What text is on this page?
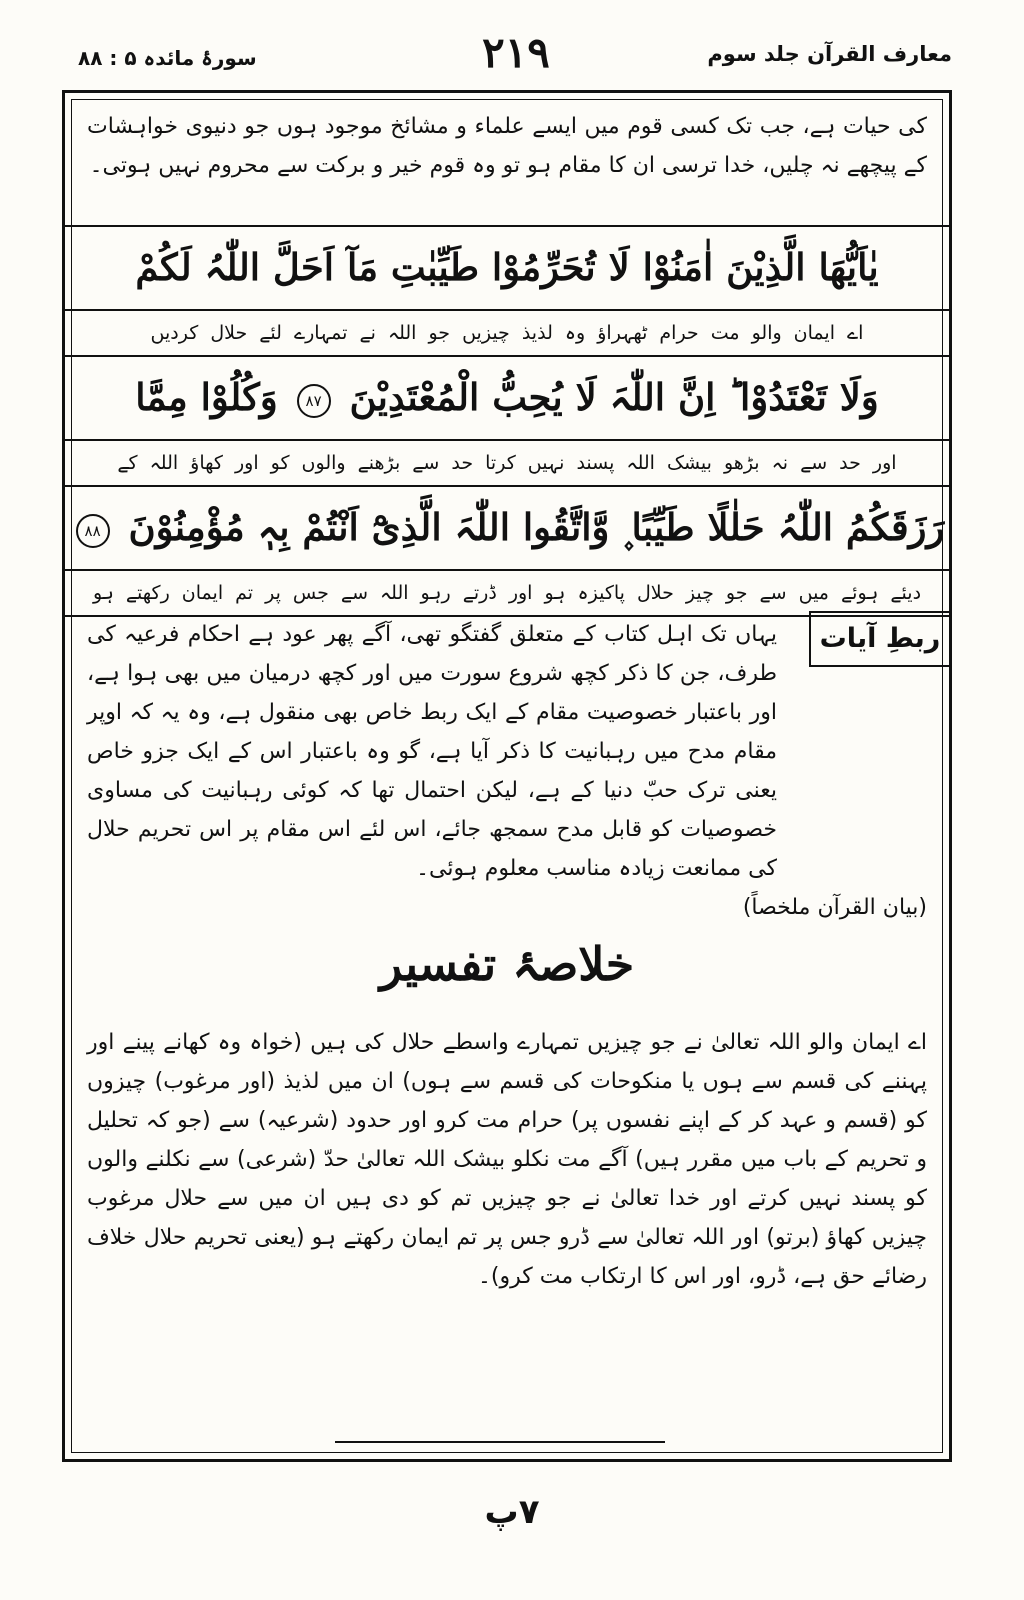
سورۂ مائدہ ۵ : ۸۸	۲۱۹	معارف القرآن جلد سوم
کی حیات ہے، جب تک کسی قوم میں ایسے علماء و مشائخ موجود ہوں جو دنیوی خواہشات کے پیچھے نہ چلیں، خدا ترسی ان کا مقام ہو تو وہ قوم خیر و برکت سے محروم نہیں ہوتی۔
یٰاَیُّھَا الَّذِیْنَ اٰمَنُوْا لَا تُحَرِّمُوْا طَیِّبٰتِ مَآ اَحَلَّ اللّٰہُ لَکُمْ
اے ایمان والو مت حرام ٹھہراؤ وہ لذیذ چیزیں جو اللہ نے تمہارے لئے حلال کردیں
وَلَا تَعْتَدُوْا ؕ اِنَّ اللّٰہَ لَا یُحِبُّ الْمُعْتَدِیْنَ ۸۷ وَکُلُوْا مِمَّا
اور حد سے نہ بڑھو بیشک اللہ پسند نہیں کرتا حد سے بڑھنے والوں کو اور کھاؤ اللہ کے
رَزَقَکُمُ اللّٰہُ حَلٰلًا طَیِّبًا ۪ وَّاتَّقُوا اللّٰہَ الَّذِیْٓ اَنْتُمْ بِہٖ مُؤْمِنُوْنَ ۸۸
دیئے ہوئے میں سے جو چیز حلال پاکیزہ ہو اور ڈرتے رہو اللہ سے جس پر تم ایمان رکھتے ہو
ربطِ آیات
یہاں تک اہل کتاب کے متعلق گفتگو تھی، آگے پھر عود ہے احکام فرعیہ کی طرف، جن کا ذکر کچھ شروع سورت میں اور کچھ درمیان میں بھی ہوا ہے، اور باعتبار خصوصیت مقام کے ایک ربط خاص بھی منقول ہے، وہ یہ کہ اوپر مقام مدح میں رہبانیت کا ذکر آیا ہے، گو وہ باعتبار اس کے ایک جزو خاص یعنی ترک حبّ دنیا کے ہے، لیکن احتمال تھا کہ کوئی رہبانیت کی مساوی خصوصیات کو قابل مدح سمجھ جائے، اس لئے اس مقام پر اس تحریم حلال کی ممانعت زیادہ مناسب معلوم ہوئی۔
(بیان القرآن ملخصاً)
خلاصۂ تفسیر
اے ایمان والو اللہ تعالیٰ نے جو چیزیں تمہارے واسطے حلال کی ہیں (خواہ وہ کھانے پینے اور پہننے کی قسم سے ہوں یا منکوحات کی قسم سے ہوں) ان میں لذیذ (اور مرغوب) چیزوں کو (قسم و عہد کر کے اپنے نفسوں پر) حرام مت کرو اور حدود (شرعیہ) سے (جو کہ تحلیل و تحریم کے باب میں مقرر ہیں) آگے مت نکلو بیشک اللہ تعالیٰ حدّ (شرعی) سے نکلنے والوں کو پسند نہیں کرتے اور خدا تعالیٰ نے جو چیزیں تم کو دی ہیں ان میں سے حلال مرغوب چیزیں کھاؤ (برتو) اور اللہ تعالیٰ سے ڈرو جس پر تم ایمان رکھتے ہو (یعنی تحریم حلال خلاف رضائے حق ہے، ڈرو، اور اس کا ارتکاب مت کرو)۔
۷پ
